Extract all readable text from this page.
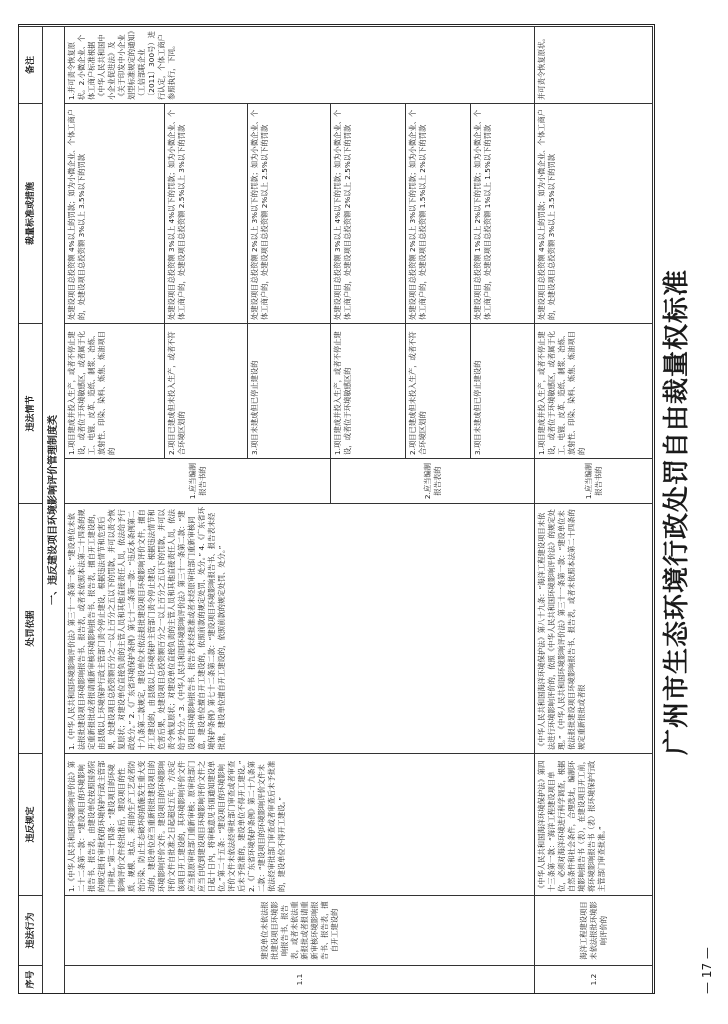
广州市生态环境行政处罚自由裁量权标准
— 17 —
序号
违法行为
违反规定
处罚依据
违法情节
裁量标准或措施
备注
一、违反建设项目环境影响评价管理制度类
1.1
建设单位未依法报批建设项目环境影响报告书、报告表，或者未依法重新报批或者报请重新审核环境影响报告书、报告表，擅自开工建设的
1.《中华人民共和国环境影响评价法》第二十二条第一款：“建设项目的环境影响报告书、报告表，由建设单位按照国务院的规定报有审批权的环境保护行政主管部门审批。”第二十四条：“建设项目的环境影响评价文件经批准后，建设项目的性质、规模、地点、采用的生产工艺或者防治污染、防止生态破坏的措施发生重大变动的，建设单位应当重新报批建设项目的环境影响评价文件。建设项目的环境影响评价文件自批准之日起超过五年，方决定该项目开工建设的，其环境影响评价文件应当报原审批部门重新审核；原审批部门应当自收到建设项目环境影响评价文件之日起十日内，将审核意见书面通知建设单位。”第二十五条：“建设项目的环境影响评价文件未依法经审批部门审查或者审查后未予批准的，建设单位不得开工建设。” 2.《广东省环境保护条例》第二十九条第二款：“建设项目的环境影响评价文件未依法经审批部门审查或者审查后未予批准的，建设单位不得开工建设。”
1.《中华人民共和国环境影响评价法》第三十一条第一款：“建设单位未依法报批建设项目环境影响报告书、报告表，或者未依照本法第二十四条的规定重新报批或者报请重新审核环境影响报告书、报告表，擅自开工建设的，由县级以上环境保护行政主管部门责令停止建设，根据违法情节和危害后果，处建设项目总投资额百分之一以上百分之五以下的罚款，并可以责令恢复原状；对建设单位直接负责的主管人员和其他直接责任人员，依法给予行政处分。” 2.《广东省环境保护条例》第七十二条第一款：“违反本条例第二十九条第二款规定，建设单位未依法报批建设项目环境影响评价文件，擅自开工建设的，由县级以上环境保护主管部门责令停止建设，根据违法情节和危害后果，处建设项目总投资额百分之一以上百分之五以下的罚款，并可以责令恢复原状；对建设单位直接负责的主管人员和其他直接责任人员，依法给予处分。” 3.《中华人民共和国环境影响评价法》第三十一条第二款：“建设项目环境影响报告书、报告表未经批准或者未经原审批部门重新审核同意，建设单位擅自开工建设的，依照前款的规定处罚、处分。” 4.《广东省环境保护条例》第七十二条第二款：“建设项目环境影响报告书、报告表未经批准，建设单位擅自开工建设的，依照前款的规定处罚、处分。”
1.应当编制报告书的
1.项目建成并投入生产，或者不停止建设，或者位于环境敏感区，或者属于化工、电镀、皮革、造纸、制浆、冶炼、放射性、印染、染料、炼焦、炼油项目的
处建设项目总投资额 4%以上的罚款；如为小微企业、个体工商户的，处建设项目总投资额 3%以上 3.5%以下的罚款
2.项目已建成但未投入生产，或者不符合环境区划的
处建设项目总投资额 3%以上 4%以下的罚款；如为小微企业、个体工商户的，处建设项目总投资额 2.5%以上 3%以下的罚款
3.项目未建成但已停止建设的
处建设项目总投资额 2%以上 3%以下的罚款；如为小微企业、个体工商户的，处建设项目总投资额 2%以上 2.5%以下的罚款
2.应当编制报告表的
1.项目建成并投入生产，或者不停止建设，或者位于环境敏感区的
处建设项目总投资额 3%以上 4%以下的罚款；如为小微企业、个体工商户的，处建设项目总投资额 2%以上 2.5%以下的罚款
2.项目已建成但未投入生产，或者不符合环境区划的
处建设项目总投资额 2%以上 3%以下的罚款；如为小微企业、个体工商户的，处建设项目总投资额 1.5%以上 2%以下的罚款
3.项目未建成但已停止建设的
处建设项目总投资额 1%以上 2%以下的罚款；如为小微企业、个体工商户的，处建设项目总投资额 1%以上 1.5%以下的罚款
1.并可责令恢复原状。2.小微企业、个体工商户标准根据《中华人民共和国中小企业促进法》及《关于印发中小企业划型标准规定的通知》（工信部联企业〔2011〕300号）进行认定，个体工商户参照执行，下同。
1.2
海洋工程建设项目未依法报批环境影响评价的
《中华人民共和国海洋环境保护法》第四十三条第一款：“海洋工程建设项目单位，必须对海洋环境进行科学调查，根据自然条件和社会条件，合理选址，编制环境影响报告书（表），在建设项目开工前，将环境影响报告书（表）报环境保护行政主管部门审查批准。”
《中华人民共和国海洋环境保护法》第八十九条：“海洋工程建设项目未依法进行环境影响评价的，依照《中华人民共和国环境影响评价法》的规定处理。” 《中华人民共和国环境影响评价法》第三十一条第一款：“建设单位未依法报批建设项目环境影响报告书、报告表，或者未依照本法第二十四条的规定重新报批或者报
1.应当编制报告书的
1.项目建成并投入生产，或者不停止建设，或者位于环境敏感区，或者属于化工、电镀、皮革、造纸、制浆、冶炼、放射性、印染、染料、炼焦、炼油项目的
处建设项目总投资额 4%以上的罚款；如为小微企业、个体工商户的，处建设项目总投资额 3%以上 3.5%以下的罚款
并可责令恢复原状。
